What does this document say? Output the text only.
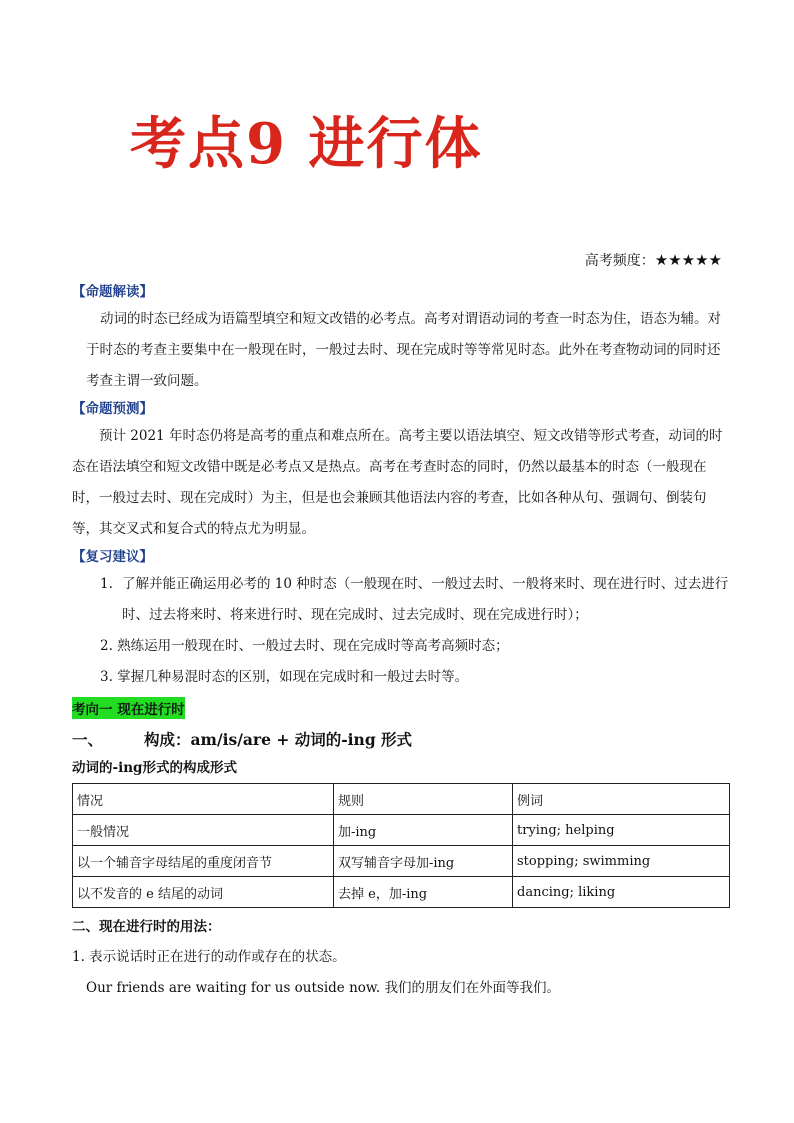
考点9 进行体
高考频度：★★★★★
【命题解读】

动词的时态已经成为语篇型填空和短文改错的必考点。高考对谓语动词的考查一时态为住，语态为辅。对于时态的考查主要集中在一般现在时，一般过去时、现在完成时等等常见时态。此外在考查物动词的同时还考查主谓一致问题。

【命题预测】

预计 2021 年时态仍将是高考的重点和难点所在。高考主要以语法填空、短文改错等形式考查，动词的时态在语法填空和短文改错中既是必考点又是热点。高考在考查时态的同时，仍然以最基本的时态（一般现在时，一般过去时、现在完成时）为主，但是也会兼顾其他语法内容的考查，比如各种从句、强调句、倒装句等，其交叉式和复合式的特点尤为明显。

【复习建议】
1. 了解并能正确运用必考的 10 种时态（一般现在时、一般过去时、一般将来时、现在进行时、过去进行时、过去将来时、将来进行时、现在完成时、过去完成时、现在完成进行时）；
2. 熟练运用一般现在时、一般过去时、现在完成时等高考高频时态；
3. 掌握几种易混时态的区别，如现在完成时和一般过去时等。
考向一 现在进行时
一、	构成：am/is/are + 动词的-ing 形式
动词的-ing形式的构成形式
情况	规则	例词
一般情况	加-ing	trying; helping
以一个辅音字母结尾的重度闭音节	双写辅音字母加-ing	stopping; swimming
以不发音的 e 结尾的动词	去掉 e，加-ing	dancing; liking
二、现在进行时的用法：
1. 表示说话时正在进行的动作或存在的状态。
Our friends are waiting for us outside now. 我们的朋友们在外面等我们。
